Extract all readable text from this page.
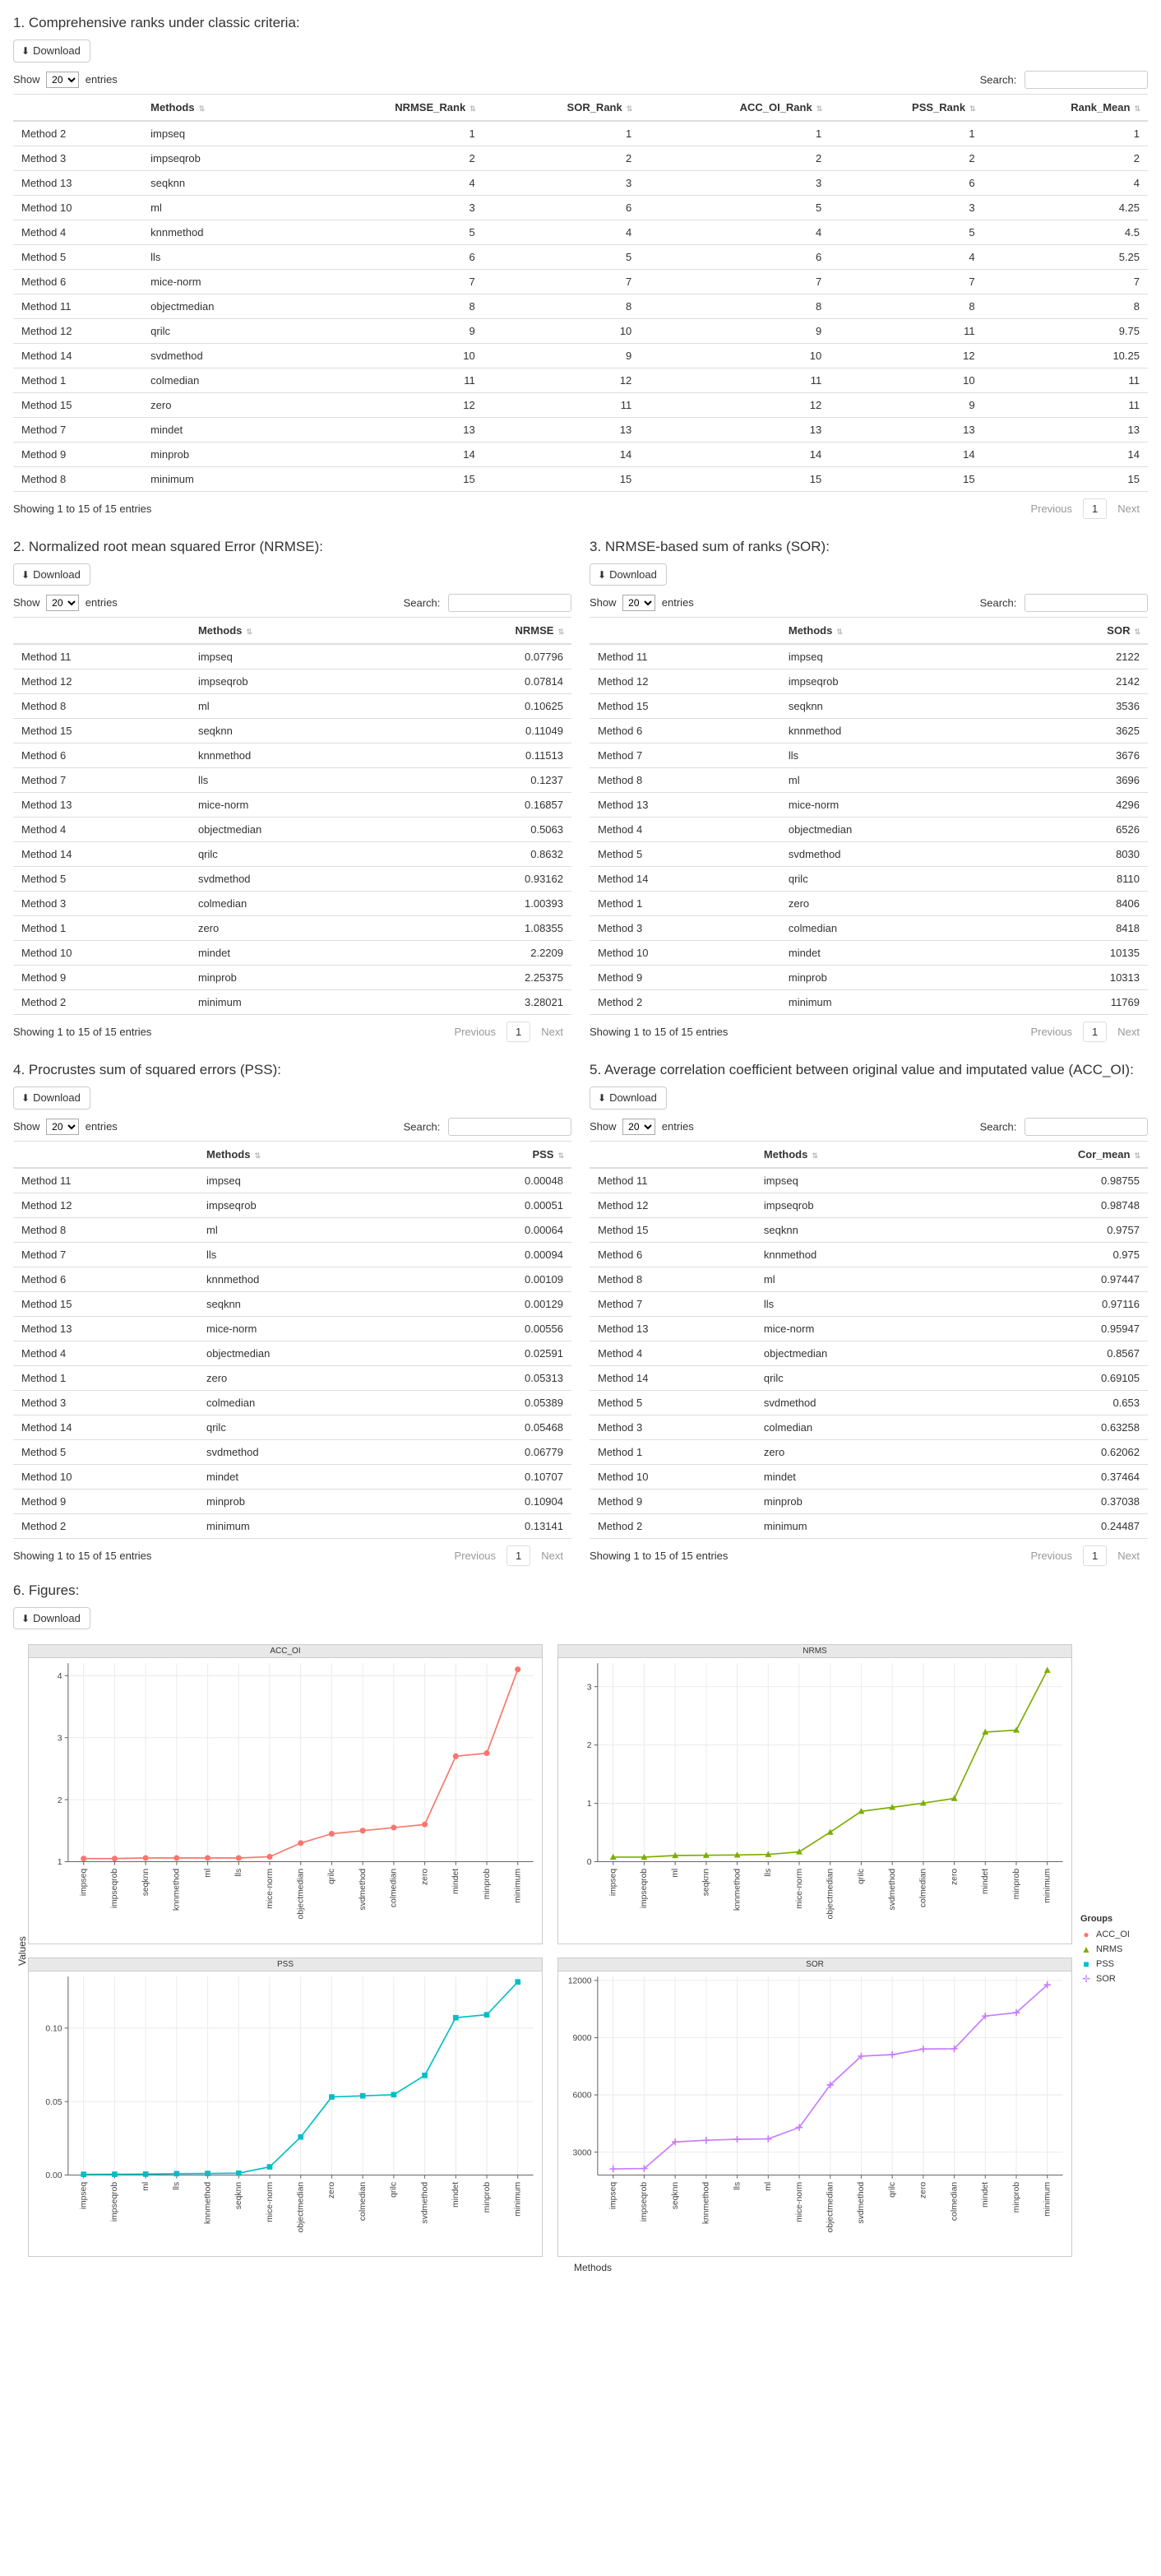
1. Comprehensive ranks under classic criteria:
⬇ Download
Show
20	entries	Search:
	Methods ⇅	NRMSE_Rank ⇅	SOR_Rank ⇅	ACC_OI_Rank ⇅	PSS_Rank ⇅	Rank_Mean ⇅
Method 2	impseq	1	1	1	1	1
Method 3	impseqrob	2	2	2	2	2
Method 13	seqknn	4	3	3	6	4
Method 10	ml	3	6	5	3	4.25
Method 4	knnmethod	5	4	4	5	4.5
Method 5	lls	6	5	6	4	5.25
Method 6	mice-norm	7	7	7	7	7
Method 11	objectmedian	8	8	8	8	8
Method 12	qrilc	9	10	9	11	9.75
Method 14	svdmethod	10	9	10	12	10.25
Method 1	colmedian	11	12	11	10	11
Method 15	zero	12	11	12	9	11
Method 7	mindet	13	13	13	13	13
Method 9	minprob	14	14	14	14	14
Method 8	minimum	15	15	15	15	15
Showing 1 to 15 of 15 entries	Previous	1	Next
2. Normalized root mean squared Error (NRMSE):
⬇ Download
Show
20	entries	Search:
	Methods ⇅	NRMSE ⇅
Method 11	impseq	0.07796
Method 12	impseqrob	0.07814
Method 8	ml	0.10625
Method 15	seqknn	0.11049
Method 6	knnmethod	0.11513
Method 7	lls	0.1237
Method 13	mice-norm	0.16857
Method 4	objectmedian	0.5063
Method 14	qrilc	0.8632
Method 5	svdmethod	0.93162
Method 3	colmedian	1.00393
Method 1	zero	1.08355
Method 10	mindet	2.2209
Method 9	minprob	2.25375
Method 2	minimum	3.28021
Showing 1 to 15 of 15 entries	Previous	1	Next
3. NRMSE-based sum of ranks (SOR):
⬇ Download
Show
20	entries	Search:
	Methods ⇅	SOR ⇅
Method 11	impseq	2122
Method 12	impseqrob	2142
Method 15	seqknn	3536
Method 6	knnmethod	3625
Method 7	lls	3676
Method 8	ml	3696
Method 13	mice-norm	4296
Method 4	objectmedian	6526
Method 5	svdmethod	8030
Method 14	qrilc	8110
Method 1	zero	8406
Method 3	colmedian	8418
Method 10	mindet	10135
Method 9	minprob	10313
Method 2	minimum	11769
Showing 1 to 15 of 15 entries	Previous	1	Next
4. Procrustes sum of squared errors (PSS):
⬇ Download
Show
20	entries	Search:
	Methods ⇅	PSS ⇅
Method 11	impseq	0.00048
Method 12	impseqrob	0.00051
Method 8	ml	0.00064
Method 7	lls	0.00094
Method 6	knnmethod	0.00109
Method 15	seqknn	0.00129
Method 13	mice-norm	0.00556
Method 4	objectmedian	0.02591
Method 1	zero	0.05313
Method 3	colmedian	0.05389
Method 14	qrilc	0.05468
Method 5	svdmethod	0.06779
Method 10	mindet	0.10707
Method 9	minprob	0.10904
Method 2	minimum	0.13141
Showing 1 to 15 of 15 entries	Previous	1	Next
5. Average correlation coefficient between original value and imputated value (ACC_OI):
⬇ Download
Show
20	entries	Search:
	Methods ⇅	Cor_mean ⇅
Method 11	impseq	0.98755
Method 12	impseqrob	0.98748
Method 15	seqknn	0.9757
Method 6	knnmethod	0.975
Method 8	ml	0.97447
Method 7	lls	0.97116
Method 13	mice-norm	0.95947
Method 4	objectmedian	0.8567
Method 14	qrilc	0.69105
Method 5	svdmethod	0.653
Method 3	colmedian	0.63258
Method 1	zero	0.62062
Method 10	mindet	0.37464
Method 9	minprob	0.37038
Method 2	minimum	0.24487
Showing 1 to 15 of 15 entries	Previous	1	Next
6. Figures:
⬇ Download
Values
ACC_OI
1
2
3
4
impseq	impseqrob	seqknn	knnmethod	ml	lls	mice-norm	objectmedian	qrilc	svdmethod	colmedian	zero	mindet	minprob	minimum
NRMS
0
1
2
3
impseq	impseqrob	ml	seqknn	knnmethod	lls	mice-norm	objectmedian	qrilc	svdmethod	colmedian	zero	mindet	minprob	minimum
PSS
0.00
0.05
0.10
impseq	impseqrob	ml	lls	knnmethod	seqknn	mice-norm	objectmedian	zero	colmedian	qrilc	svdmethod	mindet	minprob	minimum
SOR
3000
6000
9000
12000
impseq	impseqrob	seqknn	knnmethod	lls	ml	mice-norm	objectmedian	svdmethod	qrilc	zero	colmedian	mindet	minprob	minimum
Groups
● ACC_OI
▲ NRMS
■ PSS
✛ SOR
Methods
